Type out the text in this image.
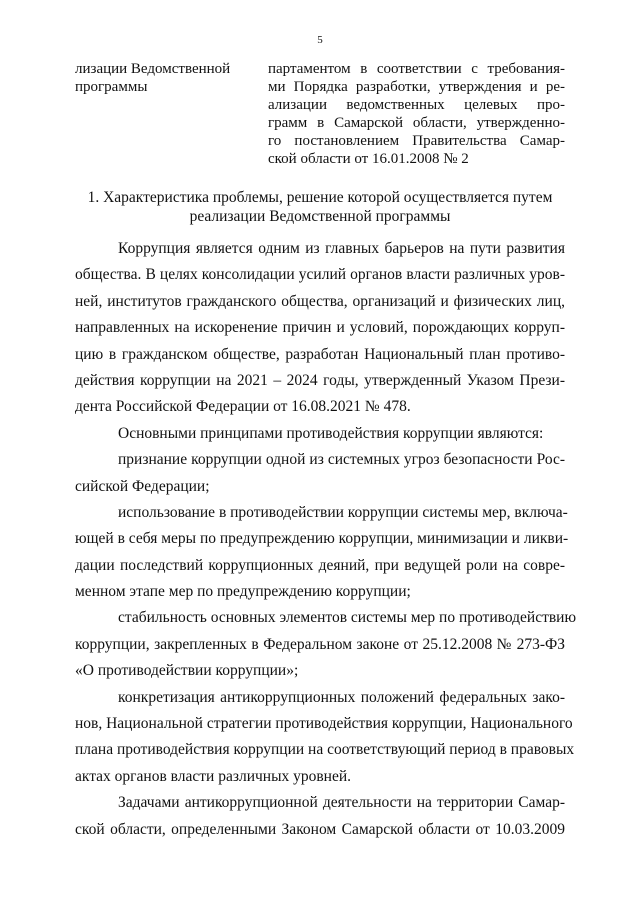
5
лизации Ведомственной
программы
партаментом в соответствии с требования-
ми Порядка разработки, утверждения и ре-
ализации ведомственных целевых про-
грамм в Самарской области, утвержденно-
го постановлением Правительства Самар-
ской области от 16.01.2008 № 2
1. Характеристика проблемы, решение которой осуществляется путем
реализации Ведомственной программы
Коррупция является одним из главных барьеров на пути развития
общества. В целях консолидации усилий органов власти различных уров-
ней, институтов гражданского общества, организаций и физических лиц,
направленных на искоренение причин и условий, порождающих корруп-
цию в гражданском обществе, разработан Национальный план противо-
действия коррупции на 2021 – 2024 годы, утвержденный Указом Прези-
дента Российской Федерации от 16.08.2021 № 478.
Основными принципами противодействия коррупции являются:
признание коррупции одной из системных угроз безопасности Рос-
сийской Федерации;
использование в противодействии коррупции системы мер, включа-
ющей в себя меры по предупреждению коррупции, минимизации и ликви-
дации последствий коррупционных деяний, при ведущей роли на совре-
менном этапе мер по предупреждению коррупции;
стабильность основных элементов системы мер по противодействию
коррупции, закрепленных в Федеральном законе от 25.12.2008 № 273-ФЗ
«О противодействии коррупции»;
конкретизация антикоррупционных положений федеральных зако-
нов, Национальной стратегии противодействия коррупции, Национального
плана противодействия коррупции на соответствующий период в правовых
актах органов власти различных уровней.
Задачами антикоррупционной деятельности на территории Самар-
ской области, определенными Законом Самарской области от 10.03.2009
